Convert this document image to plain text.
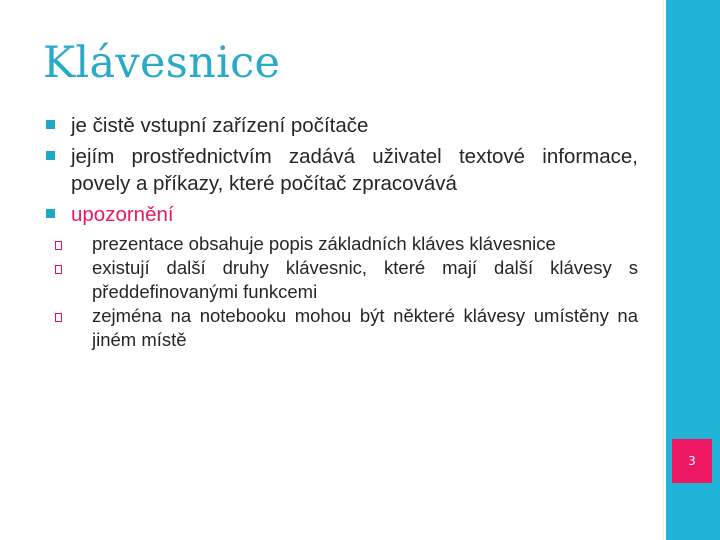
3
Klávesnice
je čistě vstupní zařízení počítače
jejím prostřednictvím zadává uživatel textové informace, povely a příkazy, které počítač zpracovává
upozornění
prezentace obsahuje popis základních kláves klávesnice
existují další druhy klávesnic, které mají další klávesy s předdefinovanými funkcemi
zejména na notebooku mohou být některé klávesy umístěny na jiném místě
